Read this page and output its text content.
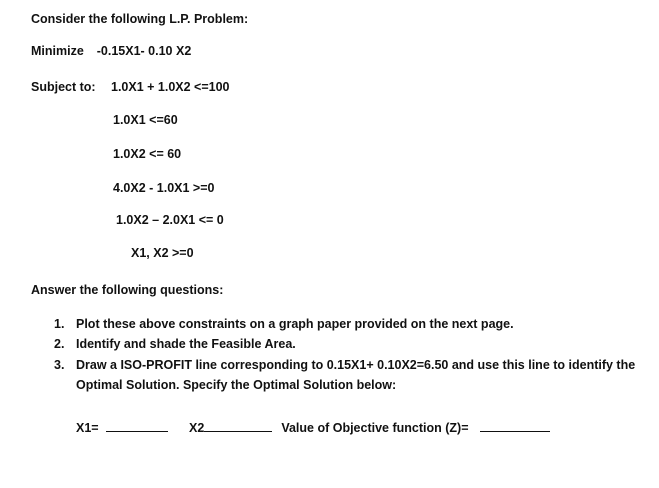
Consider the following L.P. Problem:
Minimize -0.15X1- 0.10 X2
Subject to: 1.0X1 + 1.0X2 <=100
1.0X1 <=60
1.0X2 <= 60
4.0X2 - 1.0X1 >=0
1.0X2 – 2.0X1 <= 0
X1, X2 >=0
Answer the following questions:
1. Plot these above constraints on a graph paper provided on the next page.
2. Identify and shade the Feasible Area.
3. Draw a ISO-PROFIT line corresponding to 0.15X1+ 0.10X2=6.50 and use this line to identify the
Optimal Solution. Specify the Optimal Solution below:
X1=	X2	Value of Objective function (Z)=
